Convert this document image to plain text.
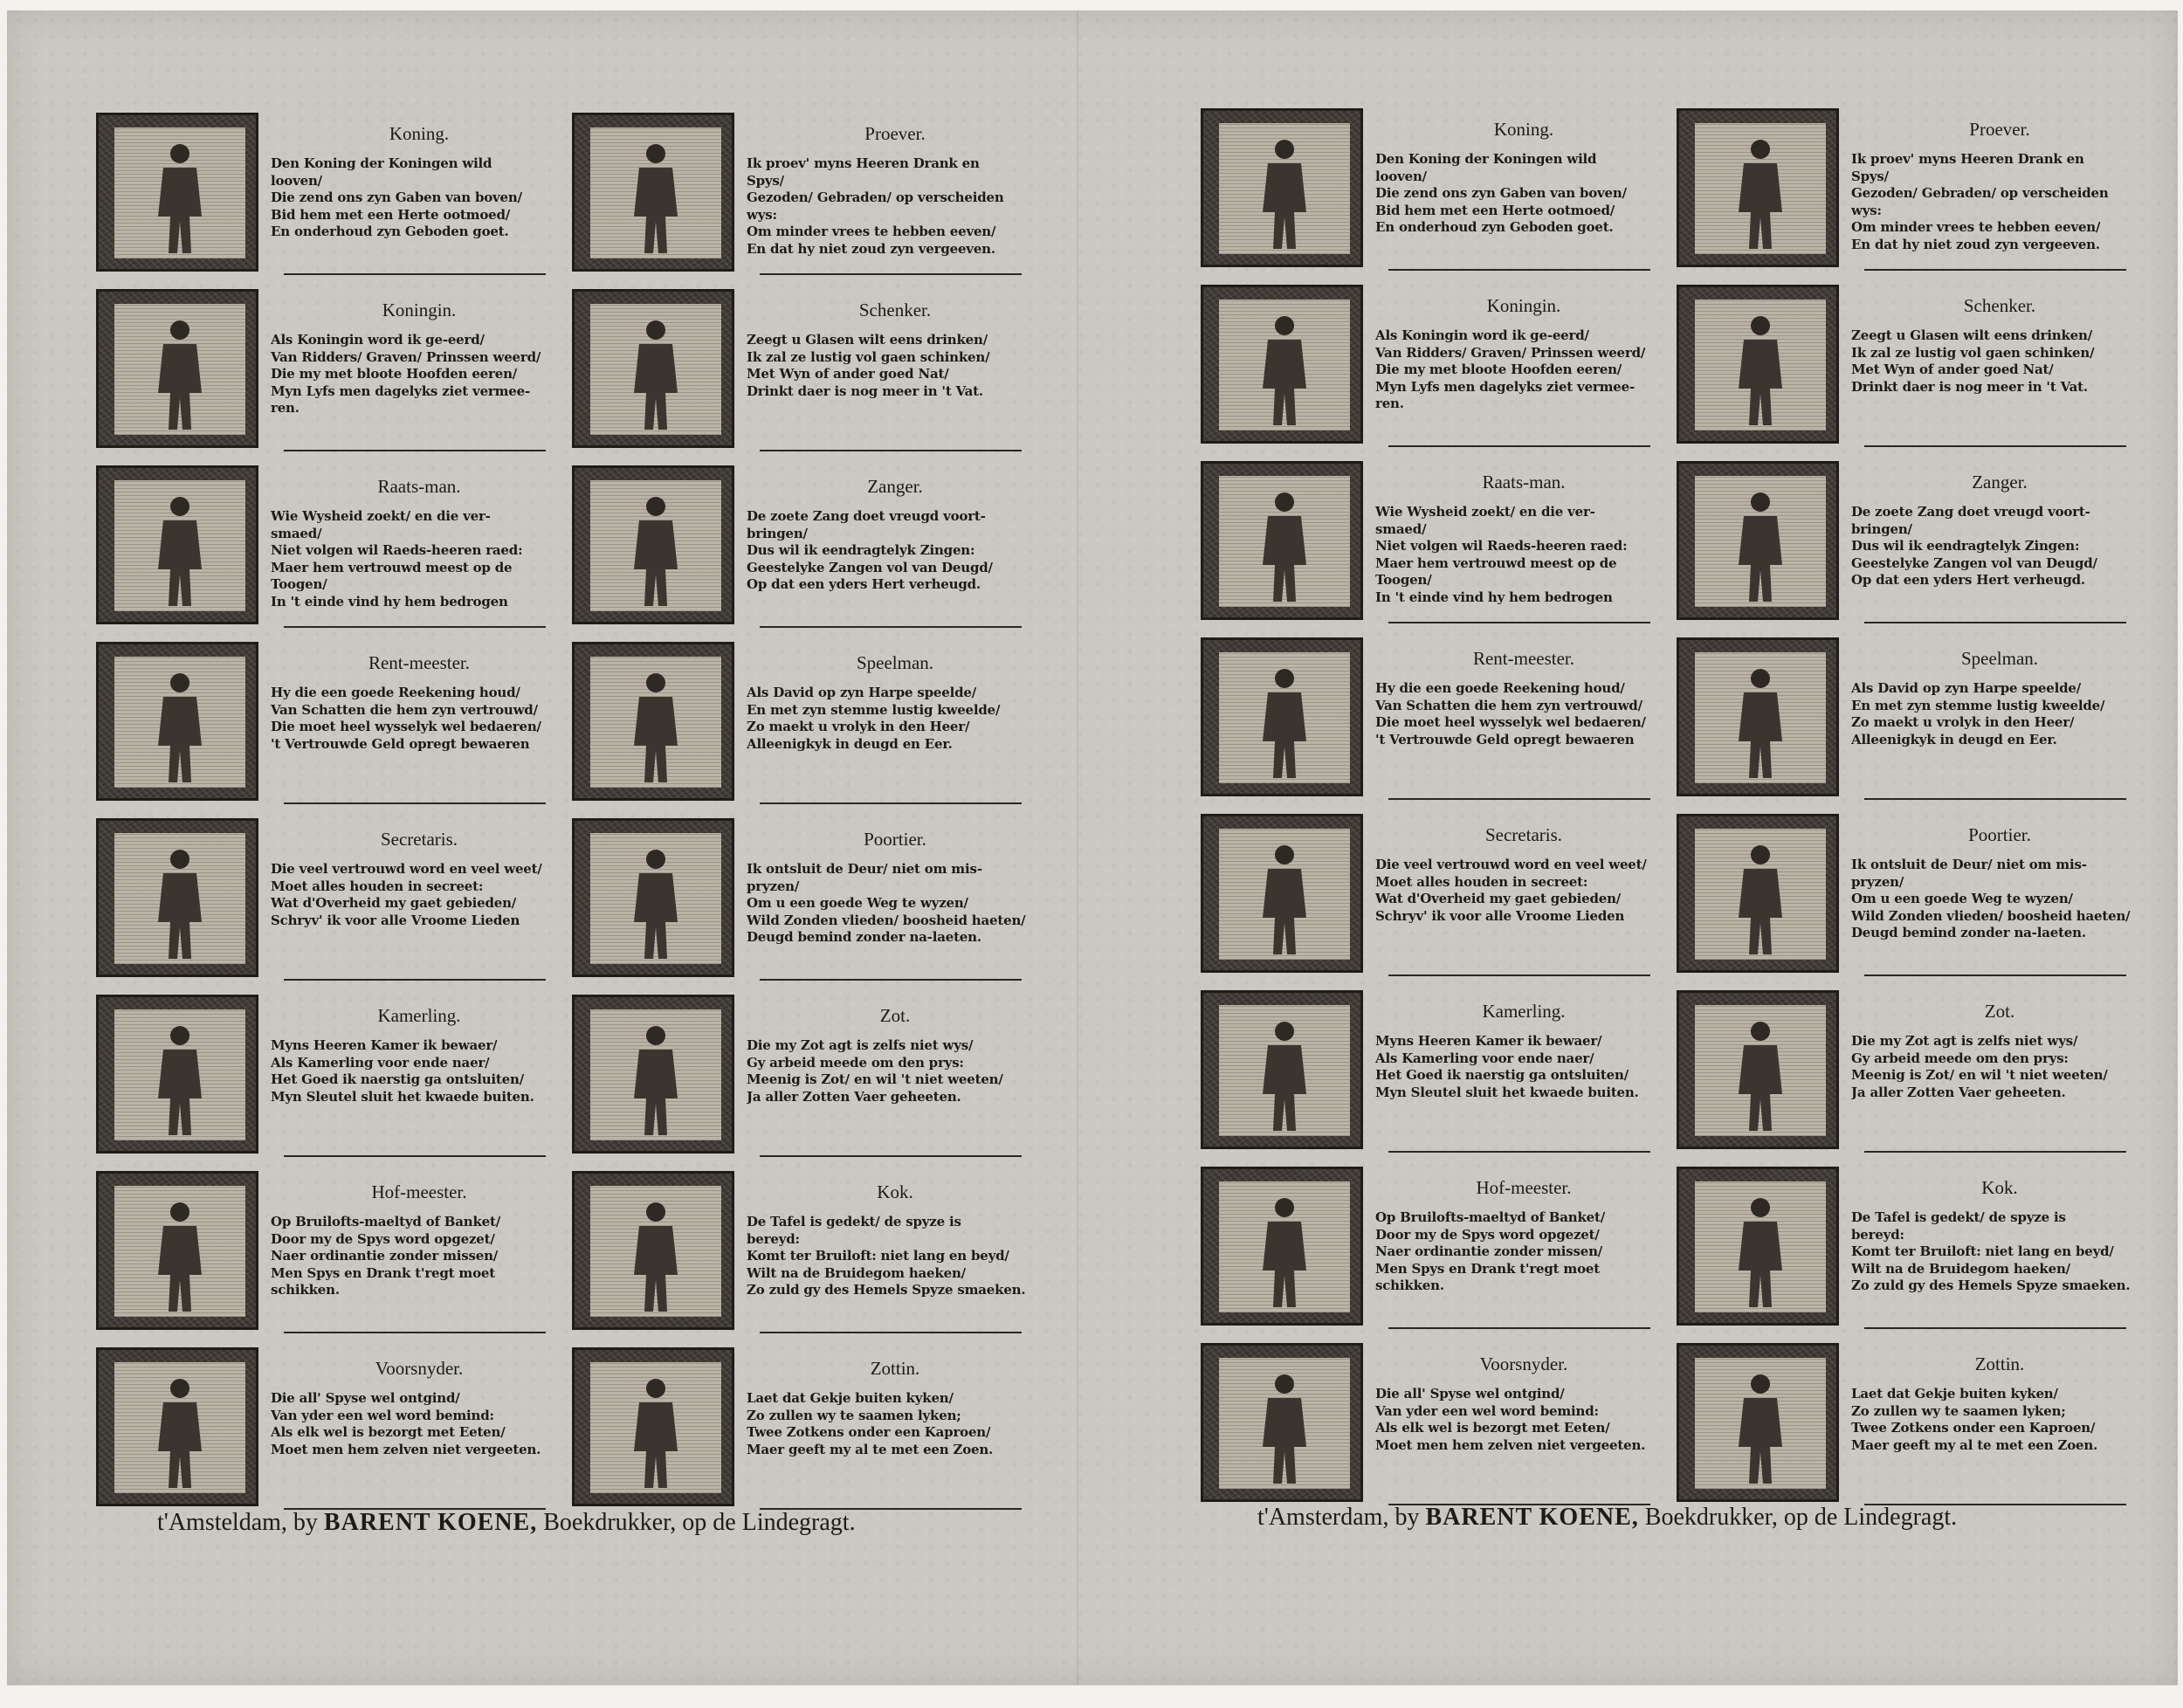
Koning.
Den Koning der Koningen wild
looven/
Die zend ons zyn Gaben van boven/
Bid hem met een Herte ootmoed/
En onderhoud zyn Geboden goet.
Koningin.
Als Koningin word ik ge-eerd/
Van Ridders/ Graven/ Prinssen weerd/
Die my met bloote Hoofden eeren/
Myn Lyfs men dagelyks ziet vermee-
ren.
Raats-man.
Wie Wysheid zoekt/ en die ver-
smaed/
Niet volgen wil Raeds-heeren raed:
Maer hem vertrouwd meest op de
Toogen/
In 't einde vind hy hem bedrogen
Rent-meester.
Hy die een goede Reekening houd/
Van Schatten die hem zyn vertrouwd/
Die moet heel wysselyk wel bedaeren/
't Vertrouwde Geld opregt bewaeren
Secretaris.
Die veel vertrouwd word en veel weet/
Moet alles houden in secreet:
Wat d'Overheid my gaet gebieden/
Schryv' ik voor alle Vroome Lieden
Kamerling.
Myns Heeren Kamer ik bewaer/
Als Kamerling voor ende naer/
Het Goed ik naerstig ga ontsluiten/
Myn Sleutel sluit het kwaede buiten.
Hof-meester.
Op Bruilofts-maeltyd of Banket/
Door my de Spys word opgezet/
Naer ordinantie zonder missen/
Men Spys en Drank t'regt moet
schikken.
Voorsnyder.
Die all' Spyse wel ontgind/
Van yder een wel word bemind:
Als elk wel is bezorgt met Eeten/
Moet men hem zelven niet vergeeten.
Proever.
Ik proev' myns Heeren Drank en
Spys/
Gezoden/ Gebraden/ op verscheiden
wys:
Om minder vrees te hebben eeven/
En dat hy niet zoud zyn vergeeven.
Schenker.
Zeegt u Glasen wilt eens drinken/
Ik zal ze lustig vol gaen schinken/
Met Wyn of ander goed Nat/
Drinkt daer is nog meer in 't Vat.
Zanger.
De zoete Zang doet vreugd voort-
bringen/
Dus wil ik eendragtelyk Zingen:
Geestelyke Zangen vol van Deugd/
Op dat een yders Hert verheugd.
Speelman.
Als David op zyn Harpe speelde/
En met zyn stemme lustig kweelde/
Zo maekt u vrolyk in den Heer/
Alleenigkyk in deugd en Eer.
Poortier.
Ik ontsluit de Deur/ niet om mis-
pryzen/
Om u een goede Weg te wyzen/
Wild Zonden vlieden/ boosheid haeten/
Deugd bemind zonder na-laeten.
Zot.
Die my Zot agt is zelfs niet wys/
Gy arbeid meede om den prys:
Meenig is Zot/ en wil 't niet weeten/
Ja aller Zotten Vaer geheeten.
Kok.
De Tafel is gedekt/ de spyze is
bereyd:
Komt ter Bruiloft: niet lang en beyd/
Wilt na de Bruidegom haeken/
Zo zuld gy des Hemels Spyze smaeken.
Zottin.
Laet dat Gekje buiten kyken/
Zo zullen wy te saamen lyken;
Twee Zotkens onder een Kaproen/
Maer geeft my al te met een Zoen.
Koning.
Den Koning der Koningen wild
looven/
Die zend ons zyn Gaben van boven/
Bid hem met een Herte ootmoed/
En onderhoud zyn Geboden goet.
Koningin.
Als Koningin word ik ge-eerd/
Van Ridders/ Graven/ Prinssen weerd/
Die my met bloote Hoofden eeren/
Myn Lyfs men dagelyks ziet vermee-
ren.
Raats-man.
Wie Wysheid zoekt/ en die ver-
smaed/
Niet volgen wil Raeds-heeren raed:
Maer hem vertrouwd meest op de
Toogen/
In 't einde vind hy hem bedrogen
Rent-meester.
Hy die een goede Reekening houd/
Van Schatten die hem zyn vertrouwd/
Die moet heel wysselyk wel bedaeren/
't Vertrouwde Geld opregt bewaeren
Secretaris.
Die veel vertrouwd word en veel weet/
Moet alles houden in secreet:
Wat d'Overheid my gaet gebieden/
Schryv' ik voor alle Vroome Lieden
Kamerling.
Myns Heeren Kamer ik bewaer/
Als Kamerling voor ende naer/
Het Goed ik naerstig ga ontsluiten/
Myn Sleutel sluit het kwaede buiten.
Hof-meester.
Op Bruilofts-maeltyd of Banket/
Door my de Spys word opgezet/
Naer ordinantie zonder missen/
Men Spys en Drank t'regt moet
schikken.
Voorsnyder.
Die all' Spyse wel ontgind/
Van yder een wel word bemind:
Als elk wel is bezorgt met Eeten/
Moet men hem zelven niet vergeeten.
Proever.
Ik proev' myns Heeren Drank en
Spys/
Gezoden/ Gebraden/ op verscheiden
wys:
Om minder vrees te hebben eeven/
En dat hy niet zoud zyn vergeeven.
Schenker.
Zeegt u Glasen wilt eens drinken/
Ik zal ze lustig vol gaen schinken/
Met Wyn of ander goed Nat/
Drinkt daer is nog meer in 't Vat.
Zanger.
De zoete Zang doet vreugd voort-
bringen/
Dus wil ik eendragtelyk Zingen:
Geestelyke Zangen vol van Deugd/
Op dat een yders Hert verheugd.
Speelman.
Als David op zyn Harpe speelde/
En met zyn stemme lustig kweelde/
Zo maekt u vrolyk in den Heer/
Alleenigkyk in deugd en Eer.
Poortier.
Ik ontsluit de Deur/ niet om mis-
pryzen/
Om u een goede Weg te wyzen/
Wild Zonden vlieden/ boosheid haeten/
Deugd bemind zonder na-laeten.
Zot.
Die my Zot agt is zelfs niet wys/
Gy arbeid meede om den prys:
Meenig is Zot/ en wil 't niet weeten/
Ja aller Zotten Vaer geheeten.
Kok.
De Tafel is gedekt/ de spyze is
bereyd:
Komt ter Bruiloft: niet lang en beyd/
Wilt na de Bruidegom haeken/
Zo zuld gy des Hemels Spyze smaeken.
Zottin.
Laet dat Gekje buiten kyken/
Zo zullen wy te saamen lyken;
Twee Zotkens onder een Kaproen/
Maer geeft my al te met een Zoen.
t'Amsteldam, by BARENT KOENE, Boekdrukker, op de Lindegragt.	t'Amsterdam, by BARENT KOENE, Boekdrukker, op de Lindegragt.
